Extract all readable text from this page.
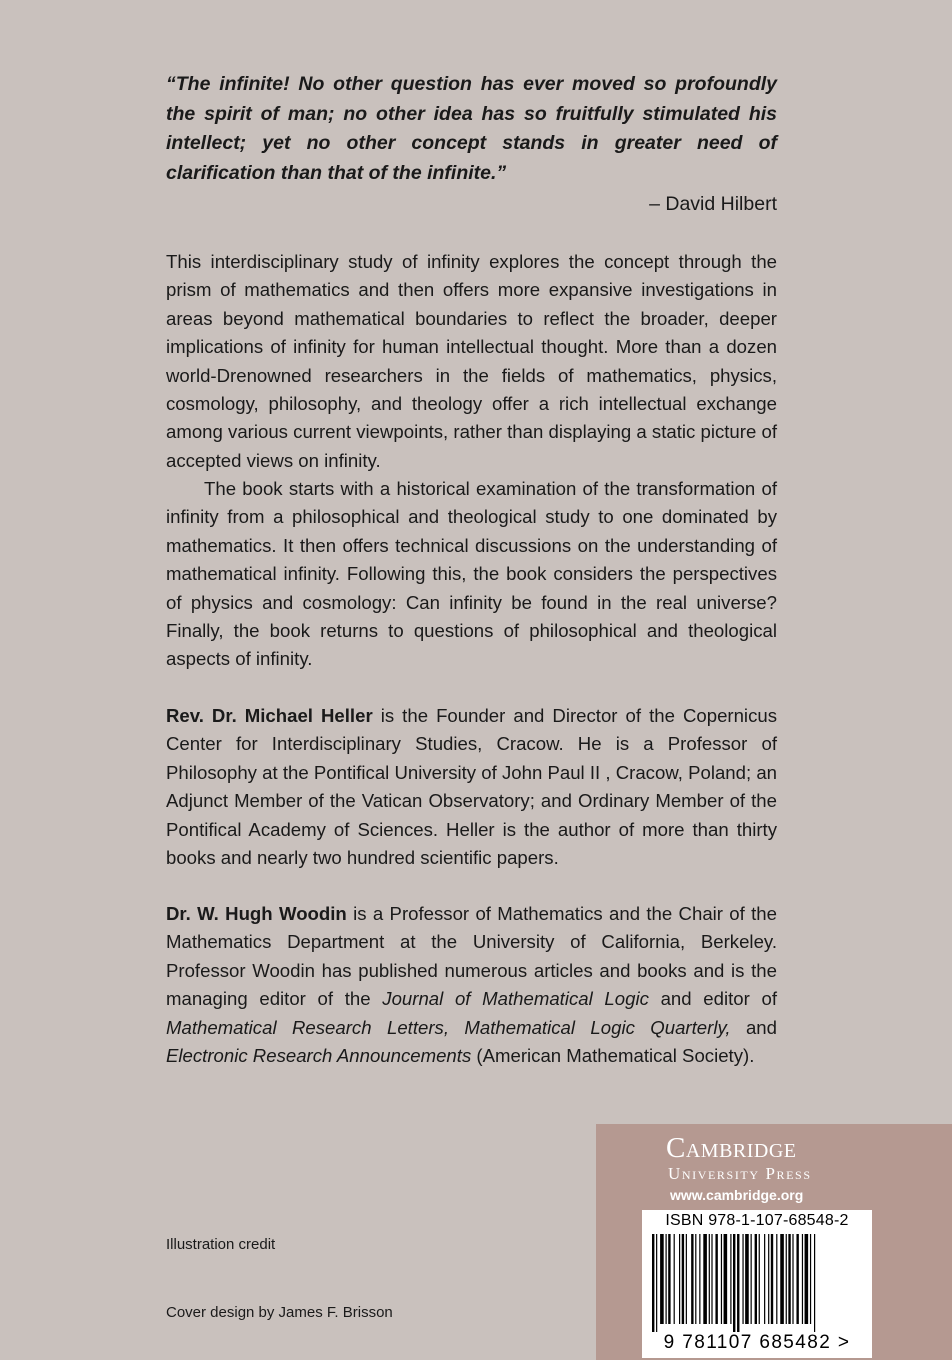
“The infinite! No other question has ever moved so profoundly the spirit of man; no other idea has so fruitfully stimulated his intellect; yet no other concept stands in greater need of clarification than that of the infinite.”
– David Hilbert

This interdisciplinary study of infinity explores the concept through the prism of mathematics and then offers more expansive investigations in areas beyond mathematical boundaries to reflect the broader, deeper implications of infinity for human intellectual thought. More than a dozen world-Drenowned researchers in the fields of mathematics, physics, cosmology, philosophy, and theology offer a rich intellectual exchange among various current viewpoints, rather than displaying a static picture of accepted views on infinity.

The book starts with a historical examination of the transformation of infinity from a philosophical and theological study to one dominated by mathematics. It then offers technical discussions on the understanding of mathematical infinity. Following this, the book considers the perspectives of physics and cosmology: Can infinity be found in the real universe? Finally, the book returns to questions of philosophical and theological aspects of infinity.

Rev. Dr. Michael Heller is the Founder and Director of the Copernicus Center for Interdisciplinary Studies, Cracow. He is a Professor of Philosophy at the Pontifical University of John Paul II , Cracow, Poland; an Adjunct Member of the Vatican Observatory; and Ordinary Member of the Pontifical Academy of Sciences. Heller is the author of more than thirty books and nearly two hundred scientific papers.

Dr. W. Hugh Woodin is a Professor of Mathematics and the Chair of the Mathematics Department at the University of California, Berkeley. Professor Woodin has published numerous articles and books and is the managing editor of the Journal of Mathematical Logic and editor of Mathematical Research Letters, Mathematical Logic Quarterly, and Electronic Research Announcements (American Mathematical Society).

Illustration credit
Cover design by James F. Brisson
Cambridge
University Press
www.cambridge.org
ISBN 978-1-107-68548-2
9 781107 685482 >
